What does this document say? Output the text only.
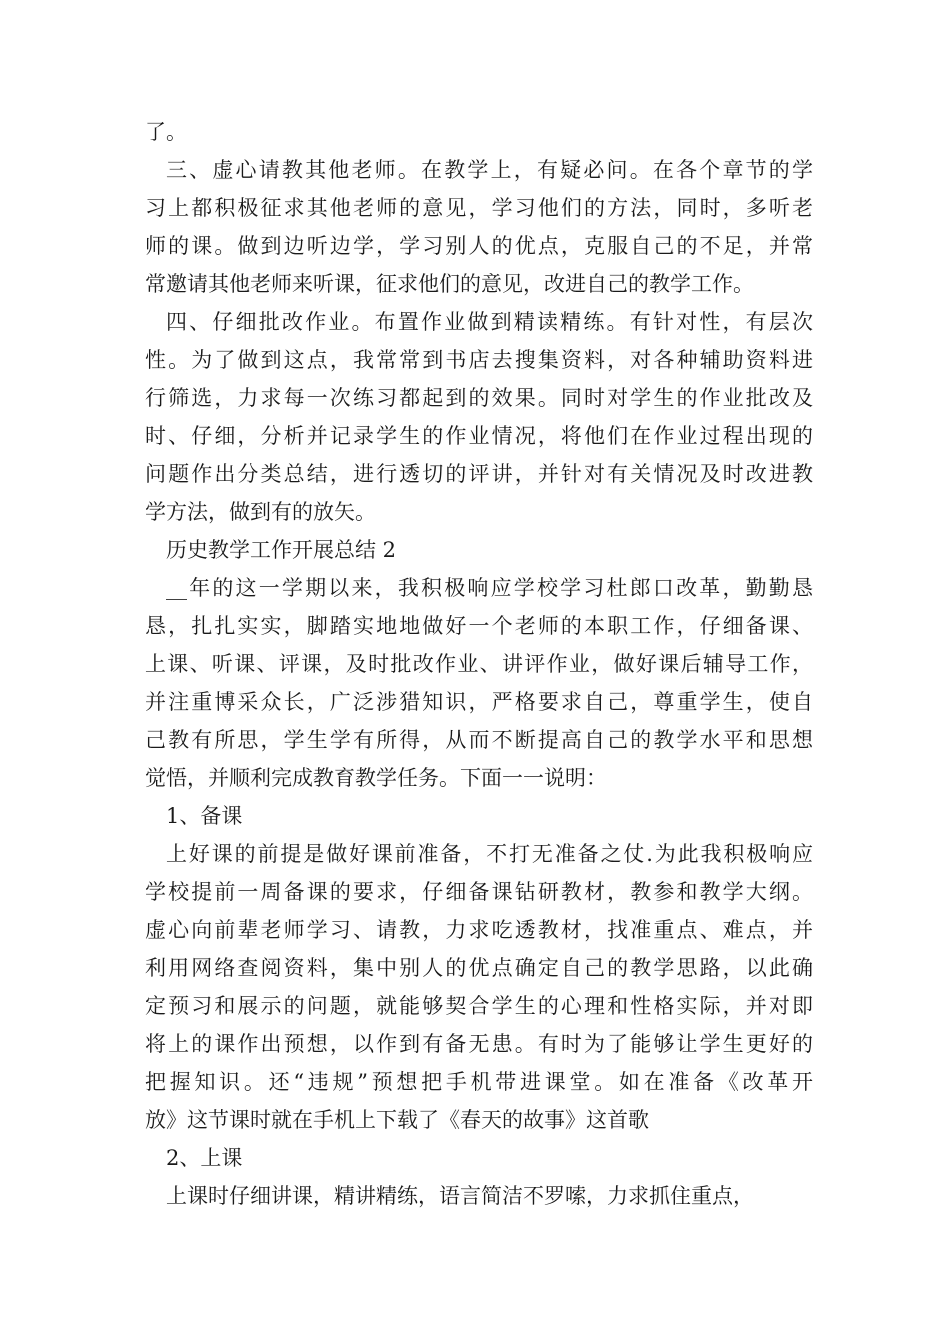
了。
三、虚心请教其他老师。在教学上，有疑必问。在各个章节的学
习上都积极征求其他老师的意见，学习他们的方法，同时，多听老
师的课。做到边听边学，学习别人的优点，克服自己的不足，并常
常邀请其他老师来听课，征求他们的意见，改进自己的教学工作。
四、仔细批改作业。布置作业做到精读精练。有针对性，有层次
性。为了做到这点，我常常到书店去搜集资料，对各种辅助资料进
行筛选，力求每一次练习都起到的效果。同时对学生的作业批改及
时、仔细，分析并记录学生的作业情况，将他们在作业过程出现的
问题作出分类总结，进行透切的评讲，并针对有关情况及时改进教
学方法，做到有的放矢。
历史教学工作开展总结 2
__年的这一学期以来，我积极响应学校学习杜郎口改革，勤勤恳
恳，扎扎实实，脚踏实地地做好一个老师的本职工作，仔细备课、
上课、听课、评课，及时批改作业、讲评作业，做好课后辅导工作，
并注重博采众长，广泛涉猎知识，严格要求自己，尊重学生，使自
己教有所思，学生学有所得，从而不断提高自己的教学水平和思想
觉悟，并顺利完成教育教学任务。下面一一说明：
1、备课
上好课的前提是做好课前准备，不打无准备之仗.为此我积极响应
学校提前一周备课的要求，仔细备课钻研教材，教参和教学大纲。
虚心向前辈老师学习、请教，力求吃透教材，找准重点、难点，并
利用网络查阅资料，集中别人的优点确定自己的教学思路，以此确
定预习和展示的问题，就能够契合学生的心理和性格实际，并对即
将上的课作出预想，以作到有备无患。有时为了能够让学生更好的
把握知识。还“违规”预想把手机带进课堂。如在准备《改革开
放》这节课时就在手机上下载了《春天的故事》这首歌
2、上课
上课时仔细讲课，精讲精练，语言简洁不罗嗦，力求抓住重点，
